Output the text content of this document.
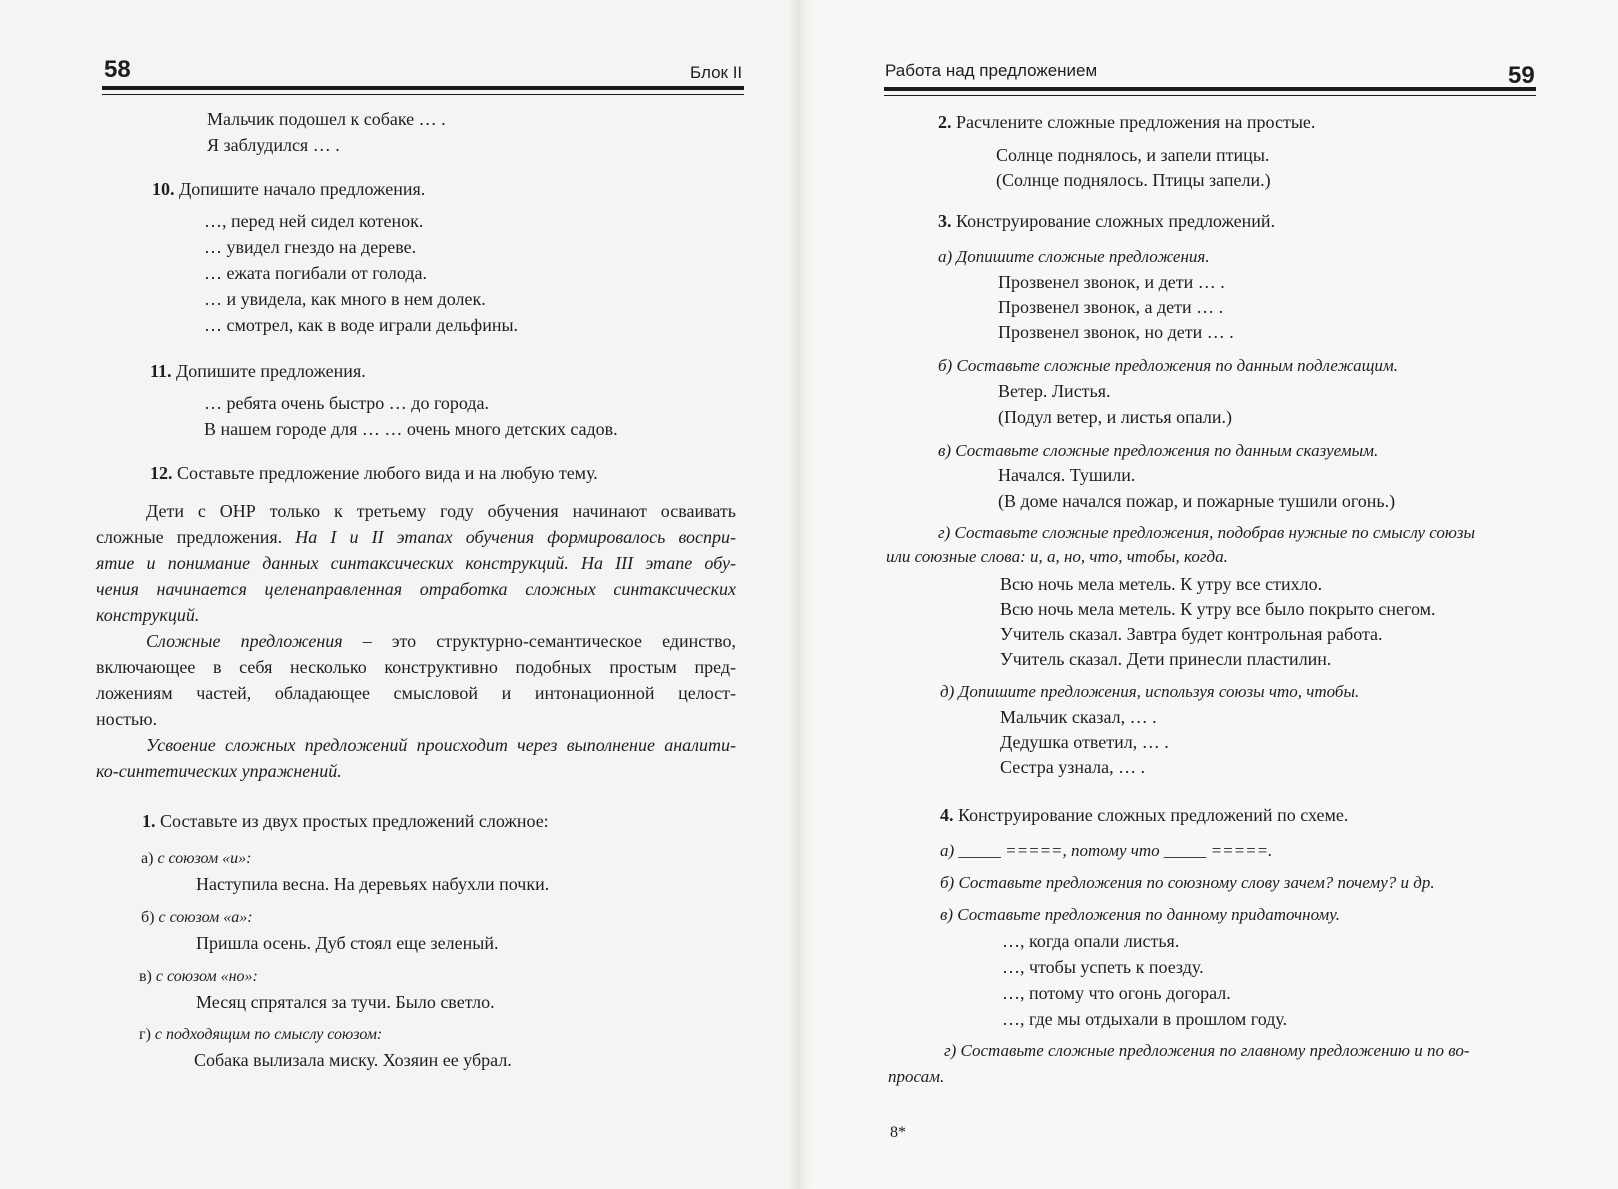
58	Блок II
Мальчик подошел к собаке … .
Я заблудился … .
10. Допишите начало предложения.
…, перед ней сидел котенок.
… увидел гнездо на дереве.
… ежата погибали от голода.
… и увидела, как много в нем долек.
… смотрел, как в воде играли дельфины.
11. Допишите предложения.
… ребята очень быстро … до города.
В нашем городе для … … очень много детских садов.
12. Составьте предложение любого вида и на любую тему.
Дети с ОНР только к третьему году обучения начинают осваивать
сложные предложения. На I и II этапах обучения формировалось воспри-
ятие и понимание данных синтаксических конструкций. На III этапе обу-
чения начинается целенаправленная отработка сложных синтаксических
конструкций.
Сложные предложения – это структурно-семантическое единство,
включающее в себя несколько конструктивно подобных простым пред-
ложениям частей, обладающее смысловой и интонационной целост-
ностью.
Усвоение сложных предложений происходит через выполнение аналити-
ко-синтетических упражнений.
1. Составьте из двух простых предложений сложное:
а) с союзом «и»:
Наступила весна. На деревьях набухли почки.
б) с союзом «а»:
Пришла осень. Дуб стоял еще зеленый.
в) с союзом «но»:
Месяц спрятался за тучи. Было светло.
г) с подходящим по смыслу союзом:
Собака вылизала миску. Хозяин ее убрал.
Работа над предложением	59
2. Расчлените сложные предложения на простые.
Солнце поднялось, и запели птицы.
(Солнце поднялось. Птицы запели.)
3. Конструирование сложных предложений.
а) Допишите сложные предложения.
Прозвенел звонок, и дети … .
Прозвенел звонок, а дети … .
Прозвенел звонок, но дети … .
б) Составьте сложные предложения по данным подлежащим.
Ветер. Листья.
(Подул ветер, и листья опали.)
в) Составьте сложные предложения по данным сказуемым.
Начался. Тушили.
(В доме начался пожар, и пожарные тушили огонь.)
г) Составьте сложные предложения, подобрав нужные по смыслу союзы
или союзные слова: и, а, но, что, чтобы, когда.
Всю ночь мела метель. К утру все стихло.
Всю ночь мела метель. К утру все было покрыто снегом.
Учитель сказал. Завтра будет контрольная работа.
Учитель сказал. Дети принесли пластилин.
д) Допишите предложения, используя союзы что, чтобы.
Мальчик сказал, … .
Дедушка ответил, … .
Сестра узнала, … .
4. Конструирование сложных предложений по схеме.
а) _____ =====, потому что _____ =====.
б) Составьте предложения по союзному слову зачем? почему? и др.
в) Составьте предложения по данному придаточному.
…, когда опали листья.
…, чтобы успеть к поезду.
…, потому что огонь догорал.
…, где мы отдыхали в прошлом году.
г) Составьте сложные предложения по главному предложению и по во-
просам.
8*
